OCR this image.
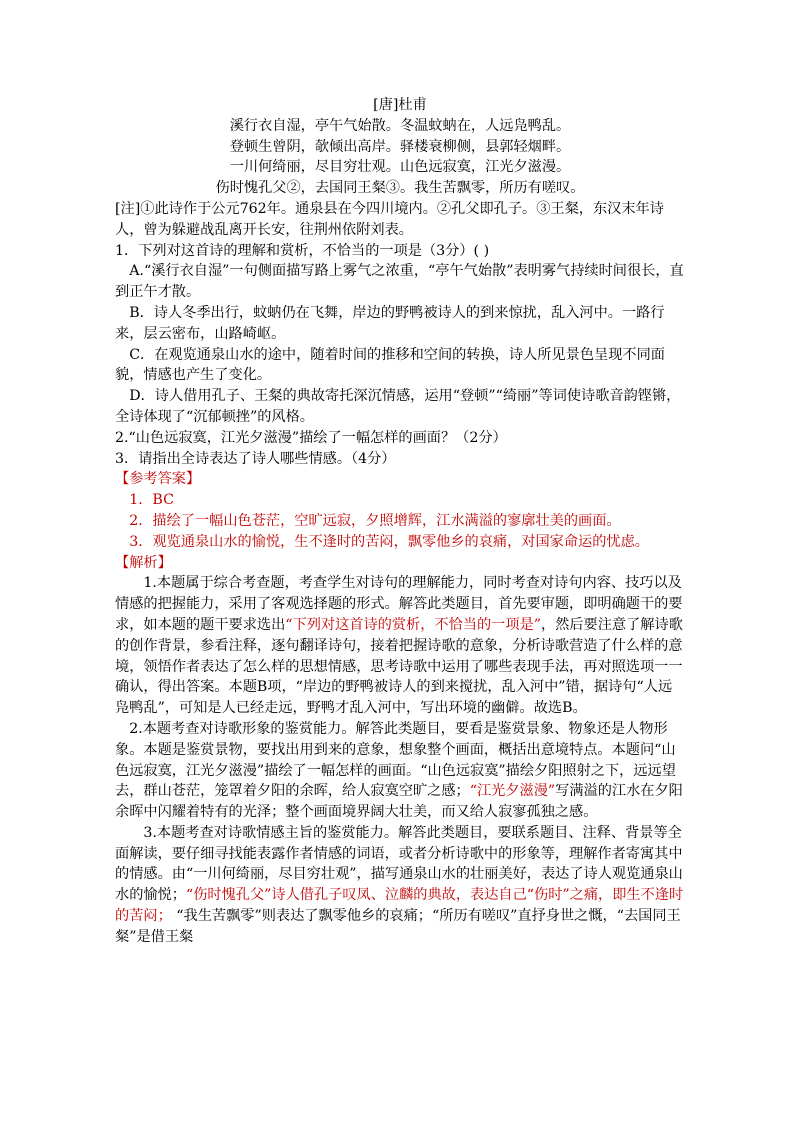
[唐]杜甫

溪行衣自湿，亭午气始散。冬温蚊蚋在，人远凫鸭乱。

登顿生曾阴，欹倾出高岸。驿楼衰柳侧，县郭轻烟畔。

一川何绮丽，尽目穷壮观。山色远寂寞，江光夕滋漫。

伤时愧孔父②，去国同王粲③。我生苦飘零，所历有嗟叹。

[注]①此诗作于公元762年。通泉县在今四川境内。②孔父即孔子。③王粲，东汉末年诗人，曾为躲避战乱离开长安，往荆州依附刘表。

1．下列对这首诗的理解和赏析，不恰当的一项是（3分）( )

A.“溪行衣自湿”一句侧面描写路上雾气之浓重，“亭午气始散”表明雾气持续时间很长，直到正午才散。

B．诗人冬季出行，蚊蚋仍在飞舞，岸边的野鸭被诗人的到来惊扰，乱入河中。一路行来，层云密布，山路崎岖。

C．在观览通泉山水的途中，随着时间的推移和空间的转换，诗人所见景色呈现不同面貌，情感也产生了变化。

D．诗人借用孔子、王粲的典故寄托深沉情感，运用“登顿”“绮丽”等词使诗歌音韵铿锵，全诗体现了“沉郁顿挫”的风格。

2.“山色远寂寞，江光夕滋漫”描绘了一幅怎样的画面？（2分）

3．请指出全诗表达了诗人哪些情感。（4分）

【参考答案】

1．BC

2．描绘了一幅山色苍茫，空旷远寂，夕照增辉，江水满溢的寥廓壮美的画面。

3．观览通泉山水的愉悦，生不逢时的苦闷，飘零他乡的哀痛，对国家命运的忧虑。

【解析】

1.本题属于综合考查题，考查学生对诗句的理解能力，同时考查对诗句内容、技巧以及情感的把握能力，采用了客观选择题的形式。解答此类题目，首先要审题，即明确题干的要求，如本题的题干要求选出“下列对这首诗的赏析，不恰当的一项是”，然后要注意了解诗歌的创作背景，参看注释，逐句翻译诗句，接着把握诗歌的意象，分析诗歌营造了什么样的意境，领悟作者表达了怎么样的思想情感，思考诗歌中运用了哪些表现手法，再对照选项一一确认，得出答案。本题B项，“岸边的野鸭被诗人的到来搅扰，乱入河中”错，据诗句“人远凫鸭乱”，可知是人已经走远，野鸭才乱入河中，写出环境的幽僻。故选B。

2.本题考查对诗歌形象的鉴赏能力。解答此类题目，要看是鉴赏景象、物象还是人物形象。本题是鉴赏景物，要找出用到来的意象，想象整个画面，概括出意境特点。本题问“山色远寂寞，江光夕滋漫”描绘了一幅怎样的画面。“山色远寂寞”描绘夕阳照射之下，远远望去，群山苍茫，笼罩着夕阳的余晖，给人寂寞空旷之感；“江光夕滋漫”写满溢的江水在夕阳余晖中闪耀着特有的光泽；整个画面境界阔大壮美，而又给人寂寥孤独之感。

3.本题考查对诗歌情感主旨的鉴赏能力。解答此类题目，要联系题目、注释、背景等全面解读，要仔细寻找能表露作者情感的词语，或者分析诗歌中的形象等，理解作者寄寓其中的情感。由“一川何绮丽，尽目穷壮观”，描写通泉山水的壮丽美好，表达了诗人观览通泉山水的愉悦；“伤时愧孔父”诗人借孔子叹凤、泣麟的典故，表达自己“伤时”之痛，即生不逢时的苦闷； “我生苦飘零”则表达了飘零他乡的哀痛；“所历有嗟叹”直抒身世之慨，“去国同王粲”是借王粲
